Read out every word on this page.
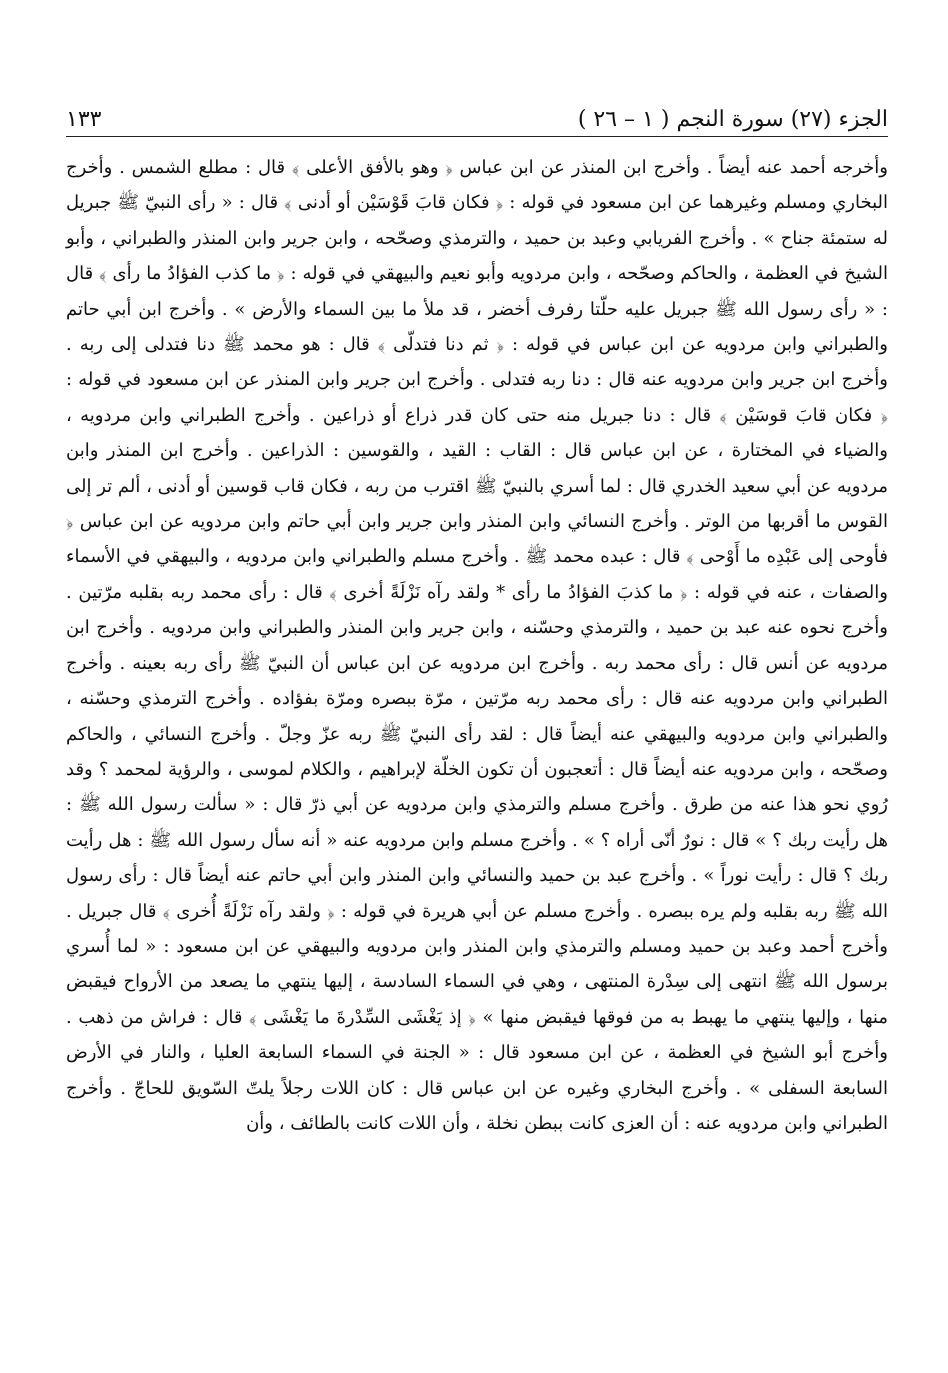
الجزء (٢٧) سورة النجم ( ١ – ٢٦ )
١٣٣

وأخرجه أحمد عنه أيضاً . وأخرج ابن المنذر عن ابن عباس ﴿ وهو بالأفق الأعلى ﴾ قال : مطلع الشمس . وأخرج البخاري ومسلم وغيرهما عن ابن مسعود في قوله : ﴿ فكان قابَ قَوْسَيْن أو أدنى ﴾ قال : « رأى النبيّ ﷺ جبريل له ستمئة جناح » . وأخرج الفريابي وعبد بن حميد ، والترمذي وصحّحه ، وابن جرير وابن المنذر والطبراني ، وأبو الشيخ في العظمة ، والحاكم وصحّحه ، وابن مردويه وأبو نعيم والبيهقي في قوله : ﴿ ما كذب الفؤادُ ما رأى ﴾ قال : « رأى رسول الله ﷺ جبريل عليه حلّتا رفرف أخضر ، قد ملأ ما بين السماء والأرض » . وأخرج ابن أبي حاتم والطبراني وابن مردويه عن ابن عباس في قوله : ﴿ ثم دنا فتدلّى ﴾ قال : هو محمد ﷺ دنا فتدلى إلى ربه . وأخرج ابن جرير وابن مردويه عنه قال : دنا ربه فتدلى . وأخرج ابن جرير وابن المنذر عن ابن مسعود في قوله : ﴿ فكان قابَ قوسَيْن ﴾ قال : دنا جبريل منه حتى كان قدر ذراع أو ذراعين . وأخرج الطبراني وابن مردويه ، والضياء في المختارة ، عن ابن عباس قال : القاب : القيد ، والقوسين : الذراعين . وأخرج ابن المنذر وابن مردويه عن أبي سعيد الخدري قال : لما أسري بالنبيّ ﷺ اقترب من ربه ، فكان قاب قوسين أو أدنى ، ألم تر إلى القوس ما أقربها من الوتر . وأخرج النسائي وابن المنذر وابن جرير وابن أبي حاتم وابن مردويه عن ابن عباس ﴿ فأوحى إلى عَبْدِه ما أَوْحى ﴾ قال : عبده محمد ﷺ . وأخرج مسلم والطبراني وابن مردويه ، والبيهقي في الأسماء والصفات ، عنه في قوله : ﴿ ما كذبَ الفؤادُ ما رأى * ولقد رآه نَزْلَةً أخرى ﴾ قال : رأى محمد ربه بقلبه مرّتين . وأخرج نحوه عنه عبد بن حميد ، والترمذي وحسّنه ، وابن جرير وابن المنذر والطبراني وابن مردويه . وأخرج ابن مردويه عن أنس قال : رأى محمد ربه . وأخرج ابن مردويه عن ابن عباس أن النبيّ ﷺ رأى ربه بعينه . وأخرج الطبراني وابن مردويه عنه قال : رأى محمد ربه مرّتين ، مرّة ببصره ومرّة بفؤاده . وأخرج الترمذي وحسّنه ، والطبراني وابن مردويه والبيهقي عنه أيضاً قال : لقد رأى النبيّ ﷺ ربه عزّ وجلّ . وأخرج النسائي ، والحاكم وصحّحه ، وابن مردويه عنه أيضاً قال : أتعجبون أن تكون الخلّة لإبراهيم ، والكلام لموسى ، والرؤية لمحمد ؟ وقد رُوي نحو هذا عنه من طرق . وأخرج مسلم والترمذي وابن مردويه عن أبي ذرّ قال : « سألت رسول الله ﷺ : هل رأيت ربك ؟ » قال : نورٌ أنّى أراه ؟ » . وأخرج مسلم وابن مردويه عنه « أنه سأل رسول الله ﷺ : هل رأيت ربك ؟ قال : رأيت نوراً » . وأخرج عبد بن حميد والنسائي وابن المنذر وابن أبي حاتم عنه أيضاً قال : رأى رسول الله ﷺ ربه بقلبه ولم يره ببصره . وأخرج مسلم عن أبي هريرة في قوله : ﴿ ولقد رآه نَزْلَةً أُخرى ﴾ قال جبريل . وأخرج أحمد وعبد بن حميد ومسلم والترمذي وابن المنذر وابن مردويه والبيهقي عن ابن مسعود : « لما أُسري برسول الله ﷺ انتهى إلى سِدْرة المنتهى ، وهي في السماء السادسة ، إليها ينتهي ما يصعد من الأرواح فيقبض منها ، وإليها ينتهي ما يهبط به من فوقها فيقبض منها » ﴿ إذ يَغْشَى السِّدْرةَ ما يَغْشَى ﴾ قال : فراش من ذهب . وأخرج أبو الشيخ في العظمة ، عن ابن مسعود قال : « الجنة في السماء السابعة العليا ، والنار في الأرض السابعة السفلى » . وأخرج البخاري وغيره عن ابن عباس قال : كان اللات رجلاً يلتّ السّويق للحاجّ . وأخرج الطبراني وابن مردويه عنه : أن العزى كانت ببطن نخلة ، وأن اللات كانت بالطائف ، وأن
